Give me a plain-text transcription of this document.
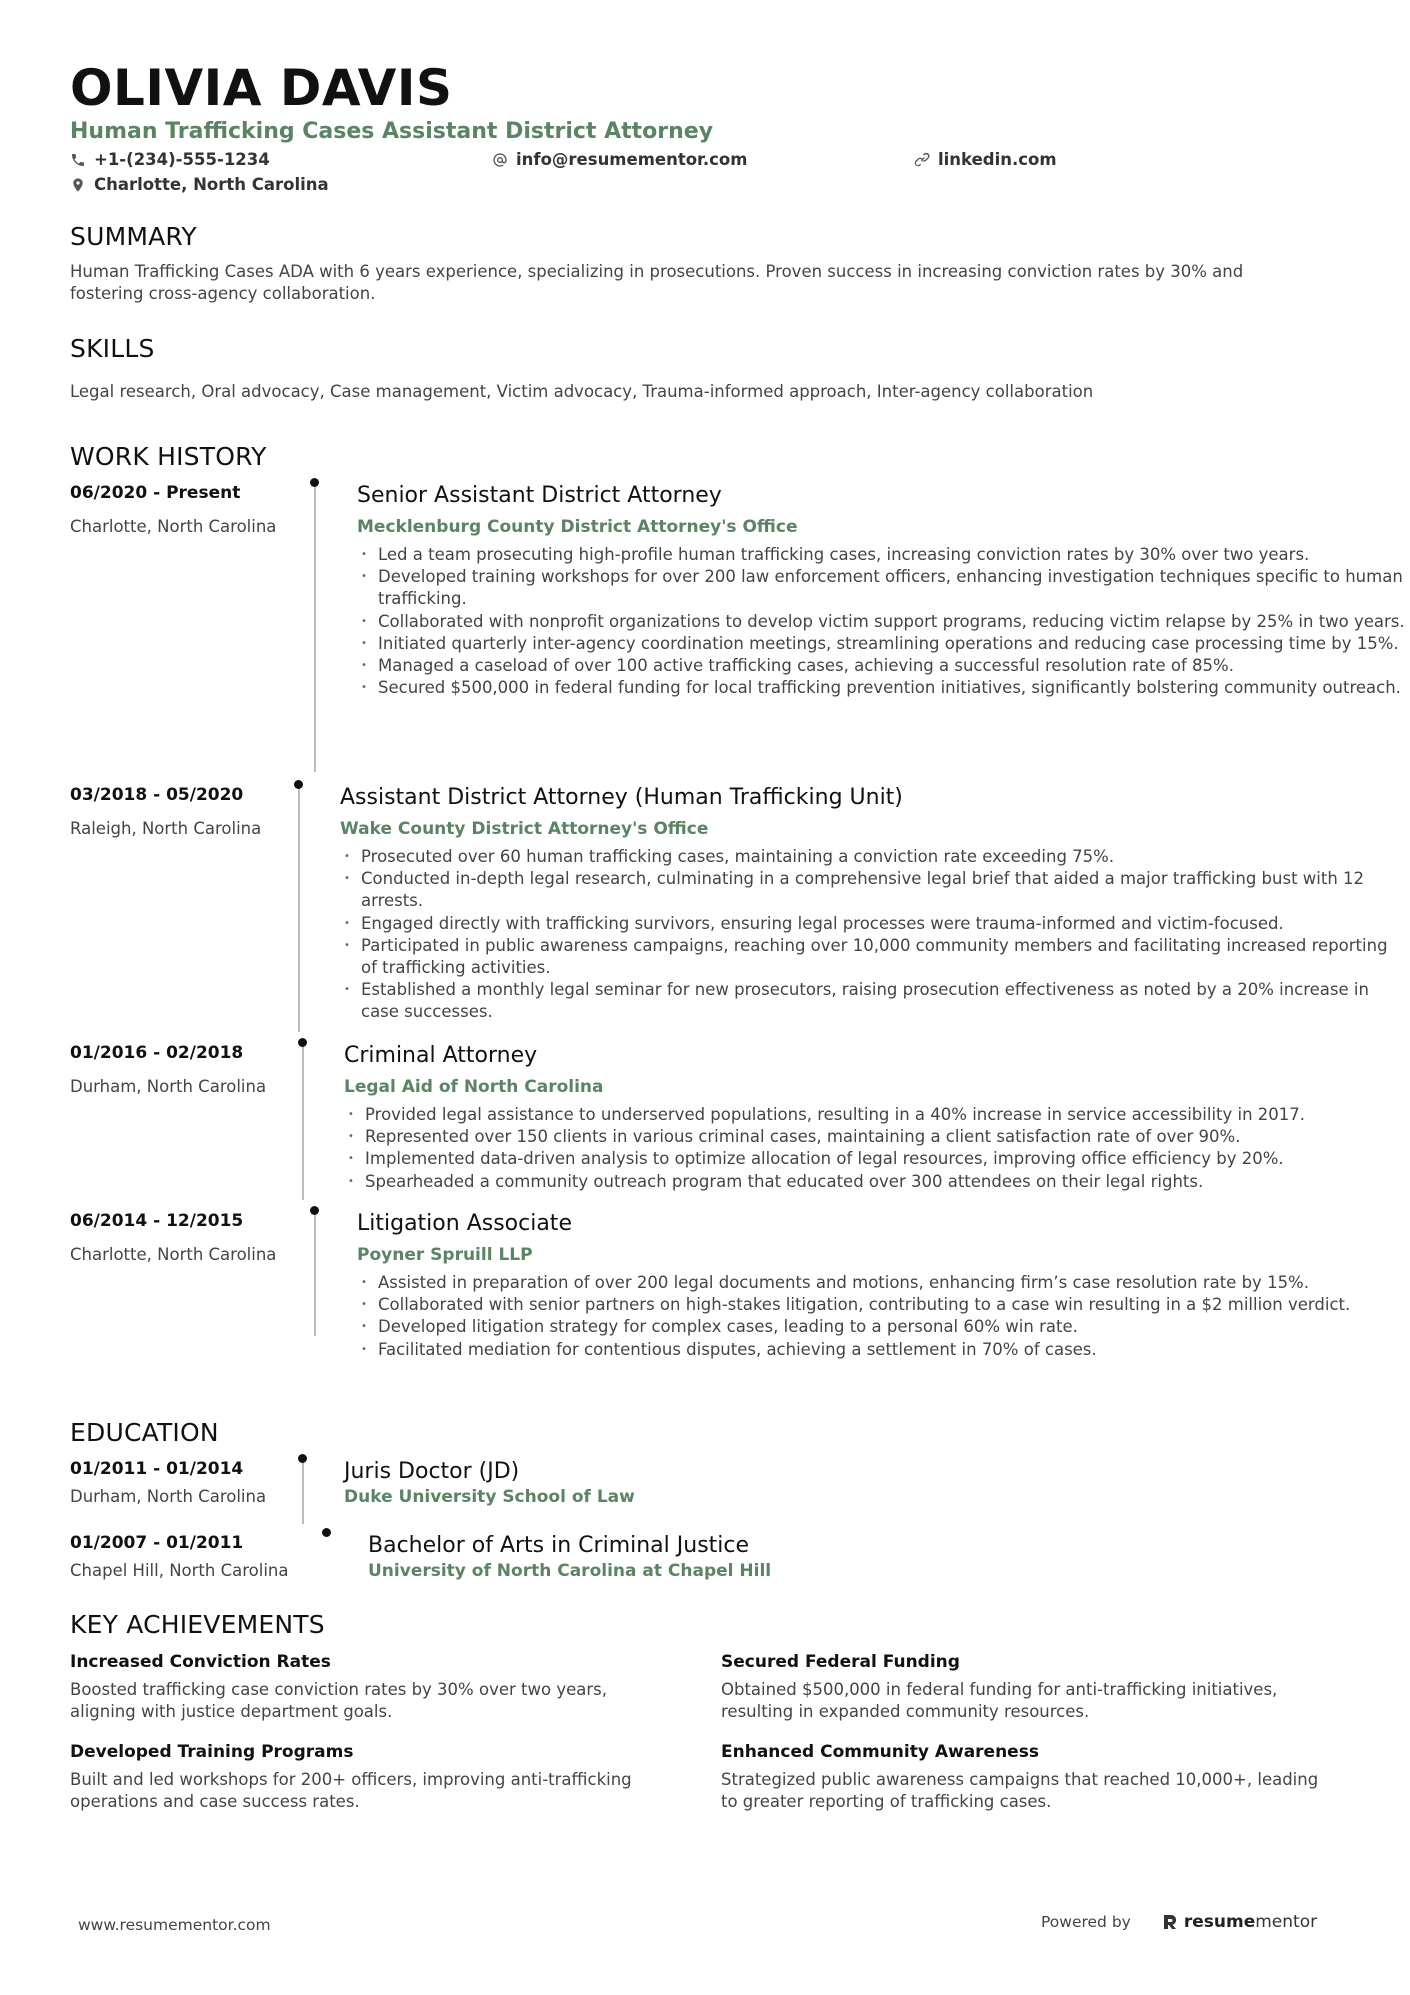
OLIVIA DAVIS
Human Trafficking Cases Assistant District Attorney
+1-(234)-555-1234	info@resumementor.com	linkedin.com
Charlotte, North Carolina
SUMMARY
Human Trafficking Cases ADA with 6 years experience, specializing in prosecutions. Proven success in increasing conviction rates by 30% and fostering cross-agency collaboration.
SKILLS
Legal research, Oral advocacy, Case management, Victim advocacy, Trauma-informed approach, Inter-agency collaboration
WORK HISTORY
06/2020 - Present
Charlotte, North Carolina
Senior Assistant District Attorney
Mecklenburg County District Attorney's Office
• Led a team prosecuting high-profile human trafficking cases, increasing conviction rates by 30% over two years.
• Developed training workshops for over 200 law enforcement officers, enhancing investigation techniques specific to human trafficking.
• Collaborated with nonprofit organizations to develop victim support programs, reducing victim relapse by 25% in two years.
• Initiated quarterly inter-agency coordination meetings, streamlining operations and reducing case processing time by 15%.
• Managed a caseload of over 100 active trafficking cases, achieving a successful resolution rate of 85%.
• Secured $500,000 in federal funding for local trafficking prevention initiatives, significantly bolstering community outreach.
03/2018 - 05/2020
Raleigh, North Carolina
Assistant District Attorney (Human Trafficking Unit)
Wake County District Attorney's Office
• Prosecuted over 60 human trafficking cases, maintaining a conviction rate exceeding 75%.
• Conducted in-depth legal research, culminating in a comprehensive legal brief that aided a major trafficking bust with 12 arrests.
• Engaged directly with trafficking survivors, ensuring legal processes were trauma-informed and victim-focused.
• Participated in public awareness campaigns, reaching over 10,000 community members and facilitating increased reporting of trafficking activities.
• Established a monthly legal seminar for new prosecutors, raising prosecution effectiveness as noted by a 20% increase in case successes.
01/2016 - 02/2018
Durham, North Carolina
Criminal Attorney
Legal Aid of North Carolina
• Provided legal assistance to underserved populations, resulting in a 40% increase in service accessibility in 2017.
• Represented over 150 clients in various criminal cases, maintaining a client satisfaction rate of over 90%.
• Implemented data-driven analysis to optimize allocation of legal resources, improving office efficiency by 20%.
• Spearheaded a community outreach program that educated over 300 attendees on their legal rights.
06/2014 - 12/2015
Charlotte, North Carolina
Litigation Associate
Poyner Spruill LLP
• Assisted in preparation of over 200 legal documents and motions, enhancing firm’s case resolution rate by 15%.
• Collaborated with senior partners on high-stakes litigation, contributing to a case win resulting in a $2 million verdict.
• Developed litigation strategy for complex cases, leading to a personal 60% win rate.
• Facilitated mediation for contentious disputes, achieving a settlement in 70% of cases.
EDUCATION
01/2011 - 01/2014
Durham, North Carolina
Juris Doctor (JD)
Duke University School of Law
01/2007 - 01/2011
Chapel Hill, North Carolina
Bachelor of Arts in Criminal Justice
University of North Carolina at Chapel Hill
KEY ACHIEVEMENTS
Increased Conviction Rates
Boosted trafficking case conviction rates by 30% over two years, aligning with justice department goals.
Secured Federal Funding
Obtained $500,000 in federal funding for anti-trafficking initiatives, resulting in expanded community resources.
Developed Training Programs
Built and led workshops for 200+ officers, improving anti-trafficking operations and case success rates.
Enhanced Community Awareness
Strategized public awareness campaigns that reached 10,000+, leading to greater reporting of trafficking cases.
www.resumementor.com	Powered by	resumementor
